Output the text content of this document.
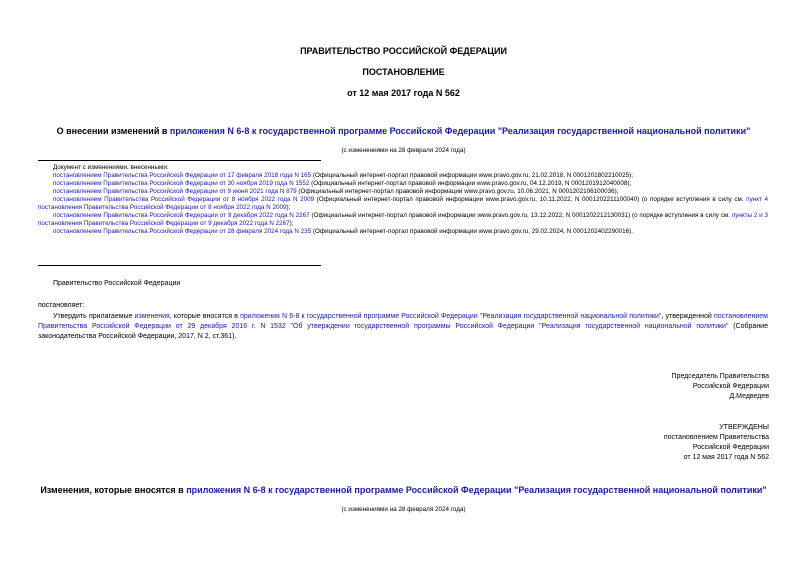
ПРАВИТЕЛЬСТВО РОССИЙСКОЙ ФЕДЕРАЦИИ
ПОСТАНОВЛЕНИЕ
от 12 мая 2017 года N 562
О внесении изменений в приложения N 6-8 к государственной программе Российской Федерации "Реализация государственной национальной политики"
(с изменениями на 28 февраля 2024 года)
Документ с изменениями, внесенными:
постановлением Правительства Российской Федерации от 17 февраля 2018 года N 165 (Официальный интернет-портал правовой информации www.pravo.gov.ru, 21.02.2018, N 0001201802210025);
постановлением Правительства Российской Федерации от 30 ноября 2019 года N 1552 (Официальный интернет-портал правовой информации www.pravo.gov.ru, 04.12.2019, N 0001201912040008);
постановлением Правительства Российской Федерации от 9 июня 2021 года N 879 (Официальный интернет-портал правовой информации www.pravo.gov.ru, 10.06.2021, N 0001202106100036);
постановлением Правительства Российской Федерации от 8 ноября 2022 года N 2009 (Официальный интернет-портал правовой информации www.pravo.gov.ru, 10.11.2022, N 0001202211100040) (о порядке вступления в силу см. пункт 4 постановления Правительства Российской Федерации от 8 ноября 2022 года N 2009);
постановлением Правительства Российской Федерации от 9 декабря 2022 года N 2267 (Официальный интернет-портал правовой информации www.pravo.gov.ru, 13.12.2022, N 0001202212130031) (о порядке вступления в силу см. пункты 2 и 3 постановления Правительства Российской Федерации от 9 декабря 2022 года N 2267);
постановлением Правительства Российской Федерации от 28 февраля 2024 года N 235 (Официальный интернет-портал правовой информации www.pravo.gov.ru, 29.02.2024, N 0001202402290016).
Правительство Российской Федерации
постановляет:
Утвердить прилагаемые изменения, которые вносятся в приложения N 6-8 к государственной программе Российской Федерации "Реализация государственной национальной политики", утвержденной постановлением Правительства Российской Федерации от 29 декабря 2016 г. N 1532 "Об утверждении государственной программы Российской Федерации "Реализация государственной национальной политики" (Собрание законодательства Российской Федерации, 2017, N 2, ст.361).
Председатель Правительства
Российской Федерации
Д.Медведев
УТВЕРЖДЕНЫ
постановлением Правительства
Российской Федерации
от 12 мая 2017 года N 562
Изменения, которые вносятся в приложения N 6-8 к государственной программе Российской Федерации "Реализация государственной национальной политики"
(с изменениями на 28 февраля 2024 года)
